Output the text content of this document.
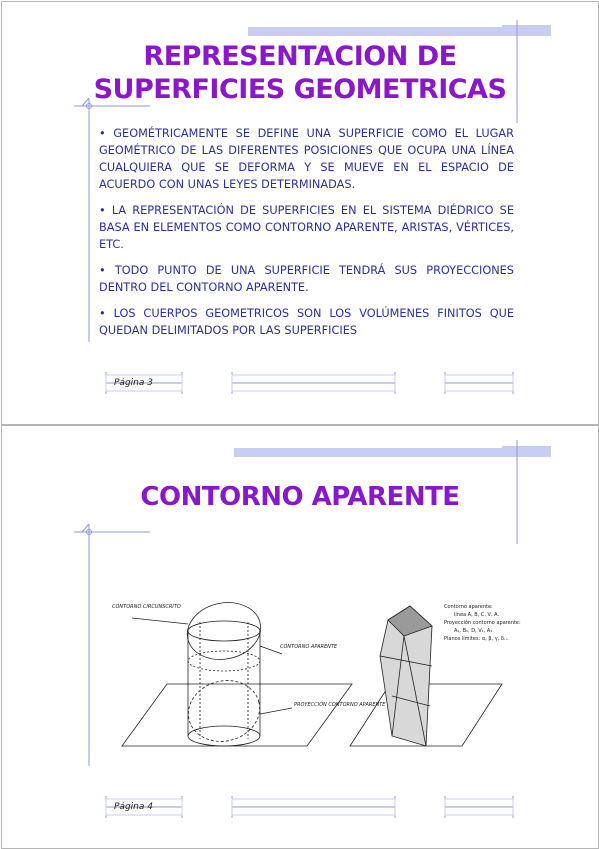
REPRESENTACION DE
SUPERFICIES GEOMETRICAS
• GEOMÉTRICAMENTE SE DEFINE UNA SUPERFICIE COMO EL LUGAR GEOMÉTRICO DE LAS DIFERENTES POSICIONES QUE OCUPA UNA LÍNEA CUALQUIERA QUE SE DEFORMA Y SE MUEVE EN EL ESPACIO DE ACUERDO CON UNAS LEYES DETERMINADAS.
• LA REPRESENTACIÓN DE SUPERFICIES EN EL SISTEMA DIÉDRICO SE BASA EN ELEMENTOS COMO CONTORNO APARENTE, ARISTAS, VÉRTICES, ETC.
• TODO PUNTO DE UNA SUPERFICIE TENDRÁ SUS PROYECCIONES DENTRO DEL CONTORNO APARENTE.
• LOS CUERPOS GEOMETRICOS SON LOS VOLÚMENES FINITOS QUE QUEDAN DELIMITADOS POR LAS SUPERFICIES
Página 3
CONTORNO APARENTE
CONTORNO CIRCUNSCRITO
CONTORNO APARENTE
PROYECCIÓN CONTORNO APARENTE
Contorno aparente:
línea A, B, C, V, A.
Proyección contorno aparente:
A₁, B₁, D, V₁, A₁
Planos límites: α, β, γ, δ...
Página 4
